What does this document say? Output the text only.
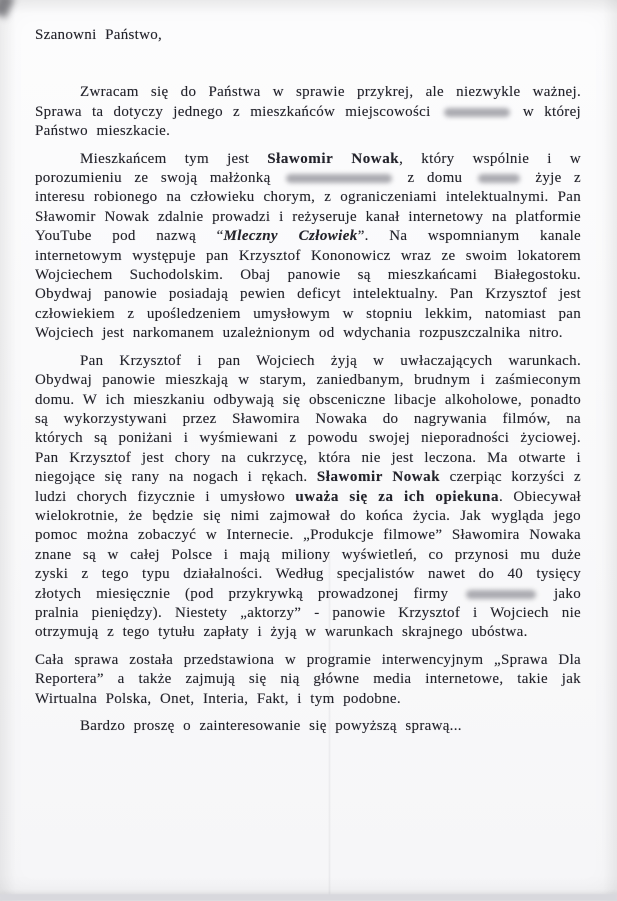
Szanowni Państwo,

Zwracam się do Państwa w sprawie przykrej, ale niezwykle ważnej. Sprawa ta dotyczy jednego z mieszkańców miejscowości	w której Państwo mieszkacie.

Mieszkańcem tym jest Sławomir Nowak, który wspólnie i w porozumieniu ze swoją małżonką	z domu	żyje z interesu robionego na człowieku chorym, z ograniczeniami intelektualnymi. Pan Sławomir Nowak zdalnie prowadzi i reżyseruje kanał internetowy na platformie YouTube pod nazwą “Mleczny Człowiek”. Na wspomnianym kanale internetowym występuje pan Krzysztof Kononowicz wraz ze swoim lokatorem Wojciechem Suchodolskim. Obaj panowie są mieszkańcami Białegostoku. Obydwaj panowie posiadają pewien deficyt intelektualny. Pan Krzysztof jest człowiekiem z upośledzeniem umysłowym w stopniu lekkim, natomiast pan Wojciech jest narkomanem uzależnionym od wdychania rozpuszczalnika nitro.

Pan Krzysztof i pan Wojciech żyją w uwłaczających warunkach. Obydwaj panowie mieszkają w starym, zaniedbanym, brudnym i zaśmieconym domu. W ich mieszkaniu odbywają się obsceniczne libacje alkoholowe, ponadto są wykorzystywani przez Sławomira Nowaka do nagrywania filmów, na których są poniżani i wyśmiewani z powodu swojej nieporadności życiowej. Pan Krzysztof jest chory na cukrzycę, która nie jest leczona. Ma otwarte i niegojące się rany na nogach i rękach. Sławomir Nowak czerpiąc korzyści z ludzi chorych fizycznie i umysłowo uważa się za ich opiekuna. Obiecywał wielokrotnie, że będzie się nimi zajmował do końca życia. Jak wygląda jego pomoc można zobaczyć w Internecie. „Produkcje filmowe” Sławomira Nowaka znane są w całej Polsce i mają miliony wyświetleń, co przynosi mu duże zyski z tego typu działalności. Według specjalistów nawet do 40 tysięcy złotych miesięcznie (pod przykrywką prowadzonej firmy	jako pralnia pieniędzy). Niestety „aktorzy” - panowie Krzysztof i Wojciech nie otrzymują z tego tytułu zapłaty i żyją w warunkach skrajnego ubóstwa.

Cała sprawa została przedstawiona w programie interwencyjnym „Sprawa Dla Reportera” a także zajmują się nią główne media internetowe, takie jak Wirtualna Polska, Onet, Interia, Fakt, i tym podobne.

Bardzo proszę o zainteresowanie się powyższą sprawą...
